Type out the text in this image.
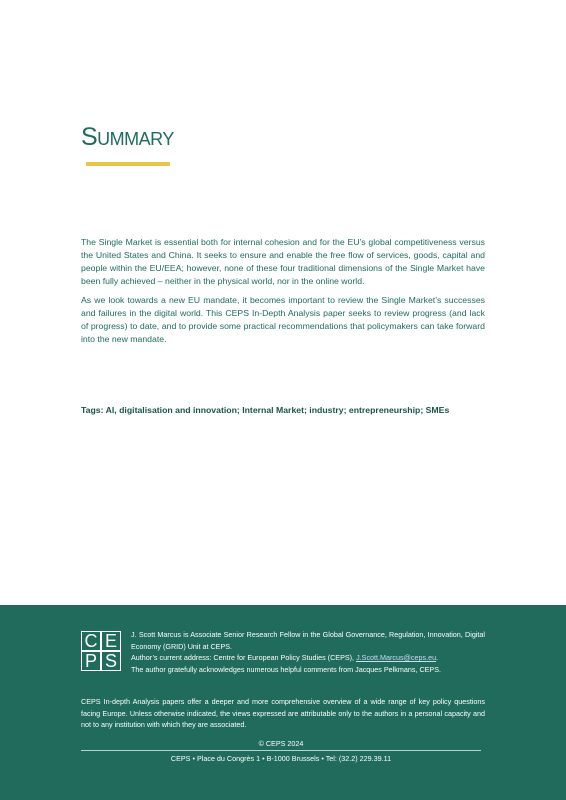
Summary

The Single Market is essential both for internal cohesion and for the EU’s global competitiveness versus the United States and China. It seeks to ensure and enable the free flow of services, goods, capital and people within the EU/EEA; however, none of these four traditional dimensions of the Single Market have been fully achieved – neither in the physical world, nor in the online world.

As we look towards a new EU mandate, it becomes important to review the Single Market’s successes and failures in the digital world. This CEPS In-Depth Analysis paper seeks to review progress (and lack of progress) to date, and to provide some practical recommendations that policymakers can take forward into the new mandate.

Tags: AI, digitalisation and innovation; Internal Market; industry; entrepreneurship; SMEs
C E
P S

J. Scott Marcus is Associate Senior Research Fellow in the Global Governance, Regulation, Innovation, Digital Economy (GRID) Unit at CEPS.

Author’s current address: Centre for European Policy Studies (CEPS), J.Scott.Marcus@ceps.eu.

The author gratefully acknowledges numerous helpful comments from Jacques Pelkmans, CEPS.

CEPS In-depth Analysis papers offer a deeper and more comprehensive overview of a wide range of key policy questions facing Europe. Unless otherwise indicated, the views expressed are attributable only to the authors in a personal capacity and not to any institution with which they are associated.

© CEPS 2024
CEPS • Place du Congrès 1 • B-1000 Brussels • Tel: (32.2) 229.39.11
